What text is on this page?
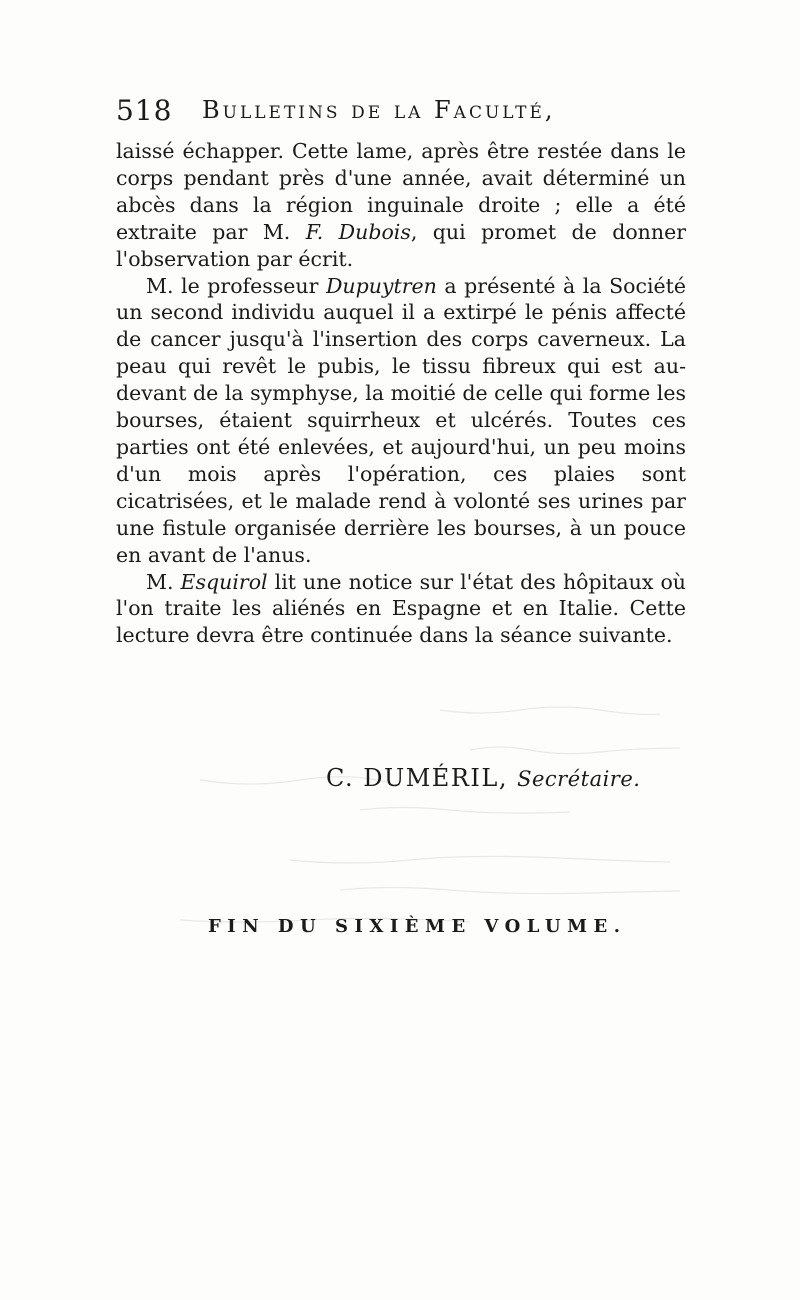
518 Bulletins de la Faculté,

laissé échapper. Cette lame, après être restée dans le corps pendant près d'une année, avait déterminé un abcès dans la région inguinale droite ; elle a été extraite par M. F. Dubois, qui promet de donner l'observation par écrit.

M. le professeur Dupuytren a présenté à la Société un second individu auquel il a extirpé le pénis affecté de cancer jusqu'à l'insertion des corps caverneux. La peau qui revêt le pubis, le tissu fibreux qui est au-devant de la symphyse, la moitié de celle qui forme les bourses, étaient squirrheux et ulcérés. Toutes ces parties ont été enlevées, et aujourd'hui, un peu moins d'un mois après l'opération, ces plaies sont cicatrisées, et le malade rend à volonté ses urines par une fistule organisée derrière les bourses, à un pouce en avant de l'anus.

M. Esquirol lit une notice sur l'état des hôpitaux où l'on traite les aliénés en Espagne et en Italie. Cette lecture devra être continuée dans la séance suivante.

C. DUMÉRIL, Secrétaire.
FIN DU SIXIÈME VOLUME.
